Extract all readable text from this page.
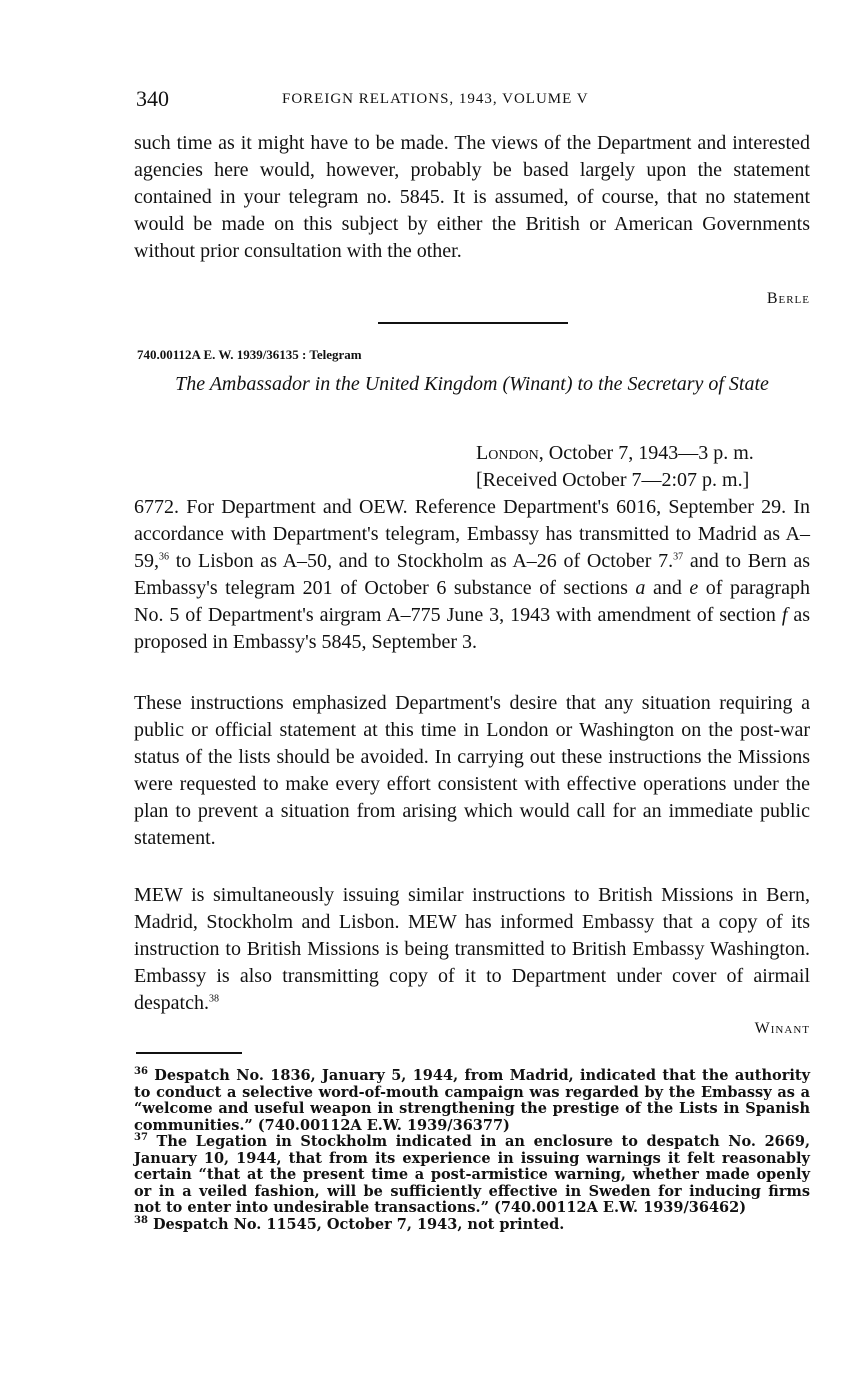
340	FOREIGN RELATIONS, 1943, VOLUME V

such time as it might have to be made. The views of the Department and interested agencies here would, however, probably be based largely upon the statement contained in your telegram no. 5845. It is assumed, of course, that no statement would be made on this subject by either the British or American Governments without prior consultation with the other.

Berle
740.00112A E. W. 1939/36135 : Telegram
The Ambassador in the United Kingdom (Winant) to the Secretary of State
London, October 7, 1943—3 p. m.
[Received October 7—2:07 p. m.]

6772. For Department and OEW. Reference Department's 6016, September 29. In accordance with Department's telegram, Embassy has transmitted to Madrid as A–59,36 to Lisbon as A–50, and to Stockholm as A–26 of October 7.37 and to Bern as Embassy's telegram 201 of October 6 substance of sections a and e of paragraph No. 5 of Department's airgram A–775 June 3, 1943 with amendment of section f as proposed in Embassy's 5845, September 3.

These instructions emphasized Department's desire that any situation requiring a public or official statement at this time in London or Washington on the post-war status of the lists should be avoided. In carrying out these instructions the Missions were requested to make every effort consistent with effective operations under the plan to prevent a situation from arising which would call for an immediate public statement.

MEW is simultaneously issuing similar instructions to British Missions in Bern, Madrid, Stockholm and Lisbon. MEW has informed Embassy that a copy of its instruction to British Missions is being transmitted to British Embassy Washington. Embassy is also transmitting copy of it to Department under cover of airmail despatch.$^{38}$

Winant

$^{36}$ Despatch No. 1836, January 5, 1944, from Madrid, indicated that the authority to conduct a selective word-of-mouth campaign was regarded by the Embassy as a “welcome and useful weapon in strengthening the prestige of the Lists in Spanish communities.” (740.00112A E.W. 1939/36377)

$^{37}$ The Legation in Stockholm indicated in an enclosure to despatch No. 2669, January 10, 1944, that from its experience in issuing warnings it felt reasonably certain “that at the present time a post-armistice warning, whether made openly or in a veiled fashion, will be sufficiently effective in Sweden for inducing firms not to enter into undesirable transactions.” (740.00112A E.W. 1939/36462)

$^{38}$ Despatch No. 11545, October 7, 1943, not printed.
